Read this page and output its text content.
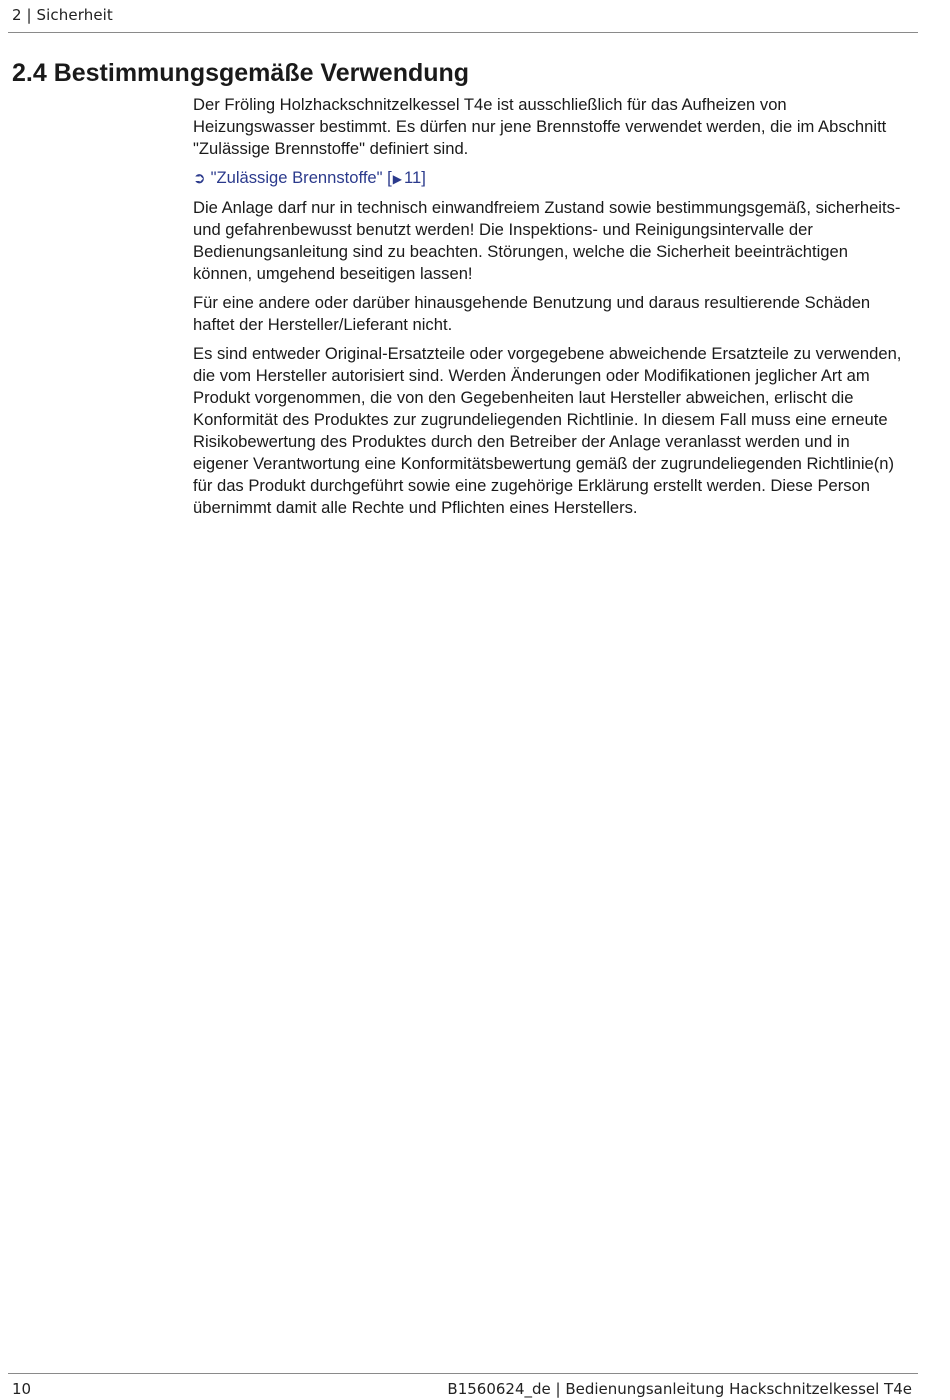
2 | Sicherheit
2.4 Bestimmungsgemäße Verwendung

Der Fröling Holzhackschnitzelkessel T4e ist ausschließlich für das Aufheizen von Heizungswasser bestimmt. Es dürfen nur jene Brennstoffe verwendet werden, die im Abschnitt "Zulässige Brennstoffe" definiert sind.

➲ "Zulässige Brennstoffe" [▶ 11]

Die Anlage darf nur in technisch einwandfreiem Zustand sowie bestimmungsgemäß, sicherheits- und gefahrenbewusst benutzt werden! Die Inspektions- und Reinigungsintervalle der Bedienungsanleitung sind zu beachten. Störungen, welche die Sicherheit beeinträchtigen können, umgehend beseitigen lassen!

Für eine andere oder darüber hinausgehende Benutzung und daraus resultierende Schäden haftet der Hersteller/Lieferant nicht.

Es sind entweder Original-Ersatzteile oder vorgegebene abweichende Ersatzteile zu verwenden, die vom Hersteller autorisiert sind. Werden Änderungen oder Modifikationen jeglicher Art am Produkt vorgenommen, die von den Gegebenheiten laut Hersteller abweichen, erlischt die Konformität des Produktes zur zugrundeliegenden Richtlinie. In diesem Fall muss eine erneute Risikobewertung des Produktes durch den Betreiber der Anlage veranlasst werden und in eigener Verantwortung eine Konformitätsbewertung gemäß der zugrundeliegenden Richtlinie(n) für das Produkt durchgeführt sowie eine zugehörige Erklärung erstellt werden. Diese Person übernimmt damit alle Rechte und Pflichten eines Herstellers.

10	B1560624_de | Bedienungsanleitung Hackschnitzelkessel T4e
